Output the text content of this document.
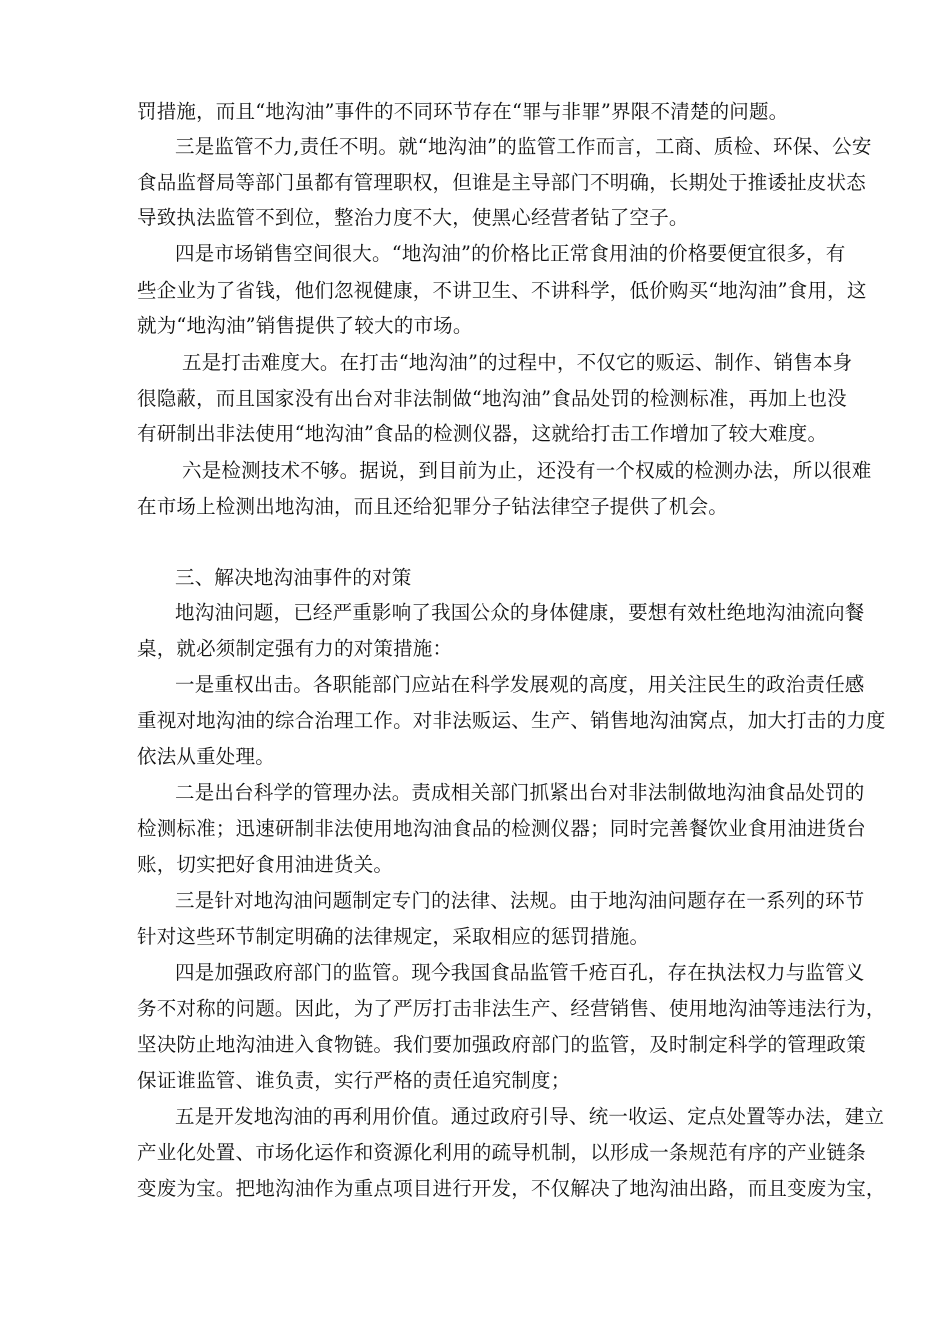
罚措施，而且“地沟油”事件的不同环节存在“罪与非罪”界限不清楚的问题。
三是监管不力,责任不明。就“地沟油”的监管工作而言，工商、质检、环保、公安
食品监督局等部门虽都有管理职权，但谁是主导部门不明确，长期处于推诿扯皮状态
导致执法监管不到位，整治力度不大，使黑心经营者钻了空子。
四是市场销售空间很大。“地沟油”的价格比正常食用油的价格要便宜很多，有
些企业为了省钱，他们忽视健康，不讲卫生、不讲科学，低价购买“地沟油”食用，这
就为“地沟油”销售提供了较大的市场。
五是打击难度大。在打击“地沟油”的过程中，不仅它的贩运、制作、销售本身
很隐蔽，而且国家没有出台对非法制做“地沟油”食品处罚的检测标准，再加上也没
有研制出非法使用“地沟油”食品的检测仪器，这就给打击工作增加了较大难度。
六是检测技术不够。据说，到目前为止，还没有一个权威的检测办法，所以很难
在市场上检测出地沟油，而且还给犯罪分子钻法律空子提供了机会。
三、解决地沟油事件的对策
地沟油问题，已经严重影响了我国公众的身体健康，要想有效杜绝地沟油流向餐
桌，就必须制定强有力的对策措施：
一是重权出击。各职能部门应站在科学发展观的高度，用关注民生的政治责任感
重视对地沟油的综合治理工作。对非法贩运、生产、销售地沟油窝点，加大打击的力度
依法从重处理。
二是出台科学的管理办法。责成相关部门抓紧出台对非法制做地沟油食品处罚的
检测标准；迅速研制非法使用地沟油食品的检测仪器；同时完善餐饮业食用油进货台
账，切实把好食用油进货关。
三是针对地沟油问题制定专门的法律、法规。由于地沟油问题存在一系列的环节
针对这些环节制定明确的法律规定，采取相应的惩罚措施。
四是加强政府部门的监管。现今我国食品监管千疮百孔，存在执法权力与监管义
务不对称的问题。因此，为了严厉打击非法生产、经营销售、使用地沟油等违法行为，
坚决防止地沟油进入食物链。我们要加强政府部门的监管，及时制定科学的管理政策
保证谁监管、谁负责，实行严格的责任追究制度；
五是开发地沟油的再利用价值。通过政府引导、统一收运、定点处置等办法，建立
产业化处置、市场化运作和资源化利用的疏导机制，以形成一条规范有序的产业链条
变废为宝。把地沟油作为重点项目进行开发，不仅解决了地沟油出路，而且变废为宝，
